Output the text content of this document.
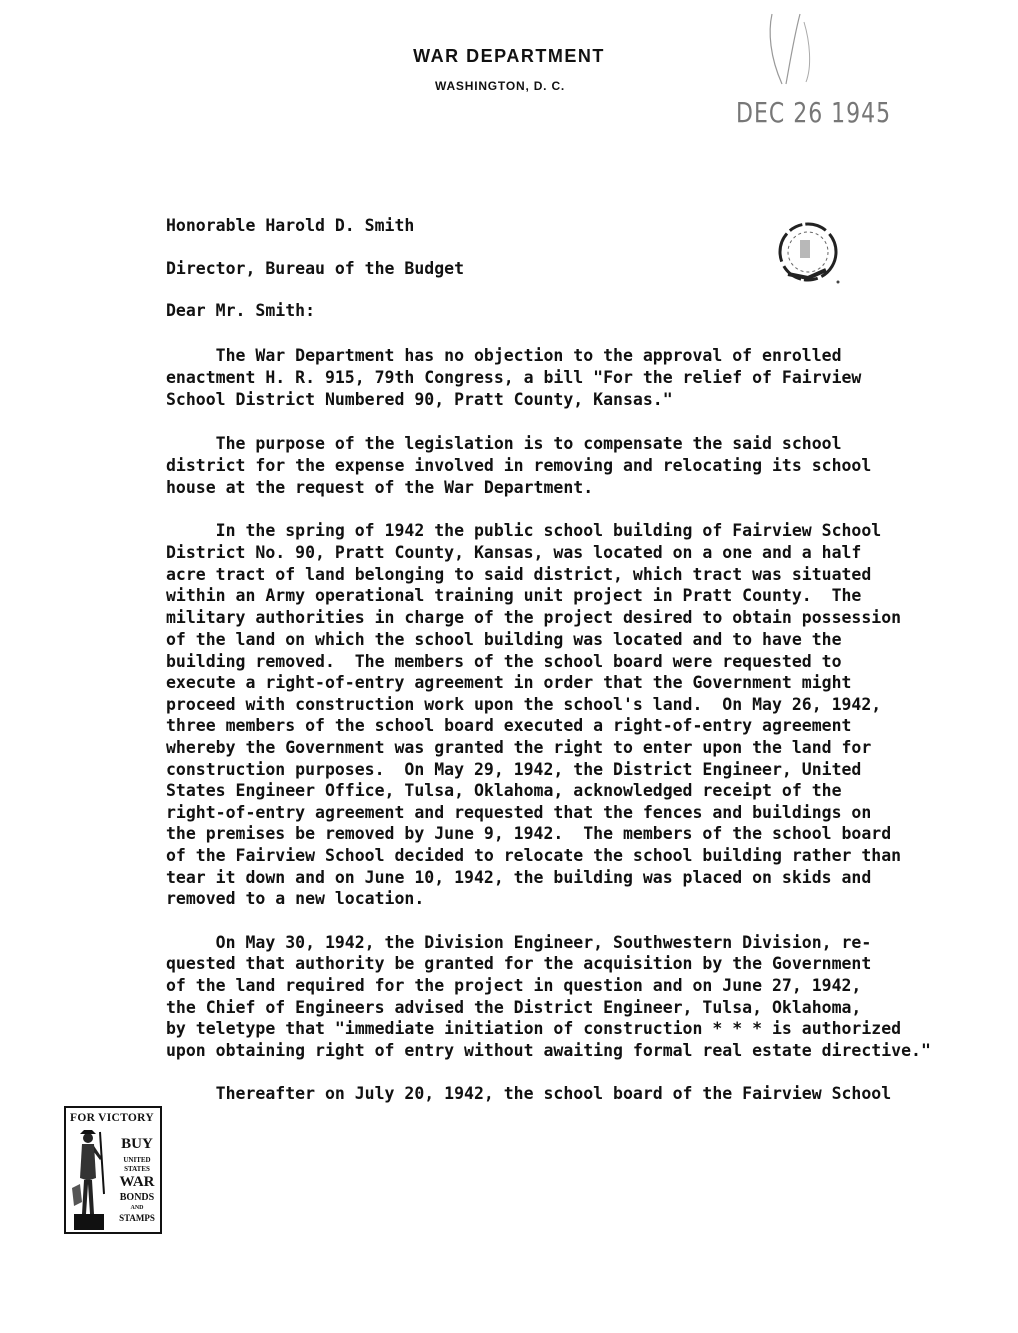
WAR DEPARTMENT
WASHINGTON, D. C.
DEC 26 1945
Honorable Harold D. Smith
Director, Bureau of the Budget
Dear Mr. Smith:
The War Department has no objection to the approval of enrolled
enactment H. R. 915, 79th Congress, a bill "For the relief of Fairview
School District Numbered 90, Pratt County, Kansas."
The purpose of the legislation is to compensate the said school
district for the expense involved in removing and relocating its school
house at the request of the War Department.
In the spring of 1942 the public school building of Fairview School
District No. 90, Pratt County, Kansas, was located on a one and a half
acre tract of land belonging to said district, which tract was situated
within an Army operational training unit project in Pratt County.  The
military authorities in charge of the project desired to obtain possession
of the land on which the school building was located and to have the
building removed.  The members of the school board were requested to
execute a right-of-entry agreement in order that the Government might
proceed with construction work upon the school's land.  On May 26, 1942,
three members of the school board executed a right-of-entry agreement
whereby the Government was granted the right to enter upon the land for
construction purposes.  On May 29, 1942, the District Engineer, United
States Engineer Office, Tulsa, Oklahoma, acknowledged receipt of the
right-of-entry agreement and requested that the fences and buildings on
the premises be removed by June 9, 1942.  The members of the school board
of the Fairview School decided to relocate the school building rather than
tear it down and on June 10, 1942, the building was placed on skids and
removed to a new location.
On May 30, 1942, the Division Engineer, Southwestern Division, re-
quested that authority be granted for the acquisition by the Government
of the land required for the project in question and on June 27, 1942,
the Chief of Engineers advised the District Engineer, Tulsa, Oklahoma,
by teletype that "immediate initiation of construction * * * is authorized
upon obtaining right of entry without awaiting formal real estate directive."
Thereafter on July 20, 1942, the school board of the Fairview School
FOR VICTORY
BUY
UNITED
STATES
WAR
BONDS
AND
STAMPS
